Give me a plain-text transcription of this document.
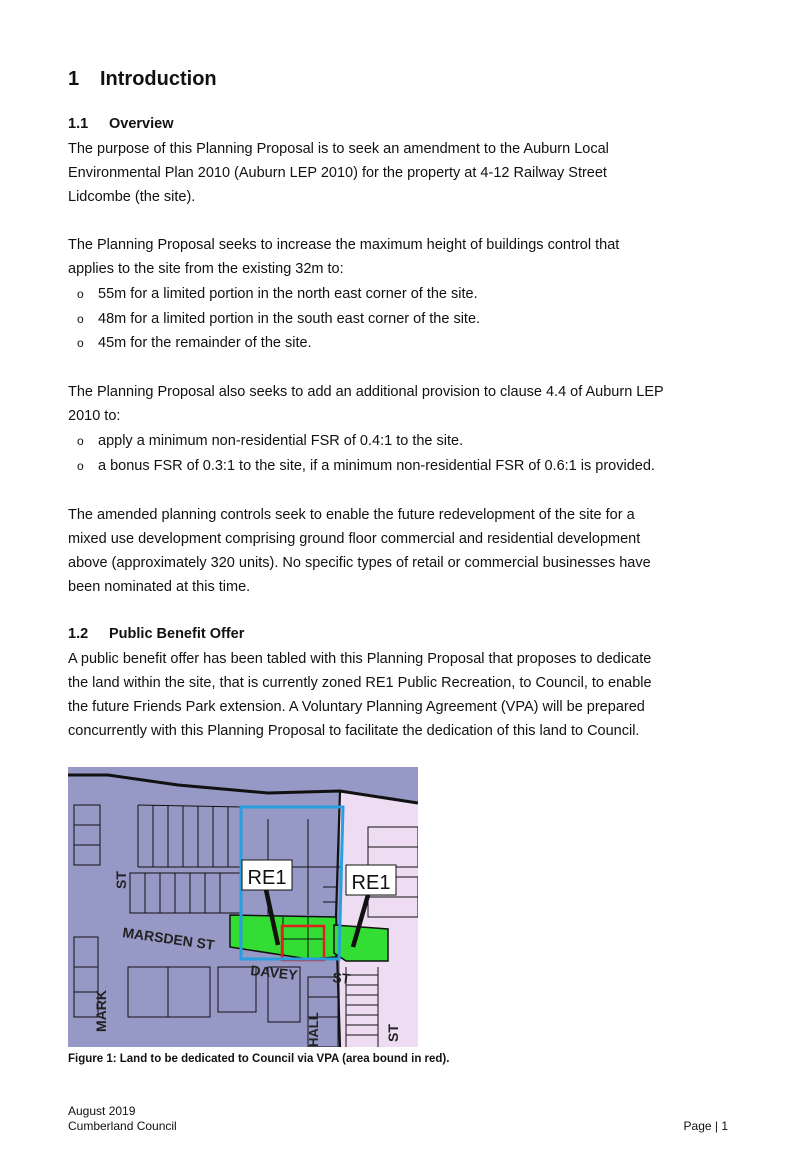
1 Introduction
1.1 Overview

The purpose of this Planning Proposal is to seek an amendment to the Auburn Local
Environmental Plan 2010 (Auburn LEP 2010) for the property at 4-12 Railway Street
Lidcombe (the site).

The Planning Proposal seeks to increase the maximum height of buildings control that
applies to the site from the existing 32m to:

o 55m for a limited portion in the north east corner of the site.
o 48m for a limited portion in the south east corner of the site.
o 45m for the remainder of the site.

The Planning Proposal also seeks to add an additional provision to clause 4.4 of Auburn LEP
2010 to:

o apply a minimum non-residential FSR of 0.4:1 to the site.
o a bonus FSR of 0.3:1 to the site, if a minimum non-residential FSR of 0.6:1 is provided.

The amended planning controls seek to enable the future redevelopment of the site for a
mixed use development comprising ground floor commercial and residential development
above (approximately 320 units). No specific types of retail or commercial businesses have
been nominated at this time.

1.2 Public Benefit Offer

A public benefit offer has been tabled with this Planning Proposal that proposes to dedicate
the land within the site, that is currently zoned RE1 Public Recreation, to Council, to enable
the future Friends Park extension. A Voluntary Planning Agreement (VPA) will be prepared
concurrently with this Planning Proposal to facilitate the dedication of this land to Council.

RE1	RE1
MARSDEN ST
DAVEY ST
MARK
ST
ST
HALL
Figure 1: Land to be dedicated to Council via VPA (area bound in red).
August 2019
Cumberland Council	Page | 1
